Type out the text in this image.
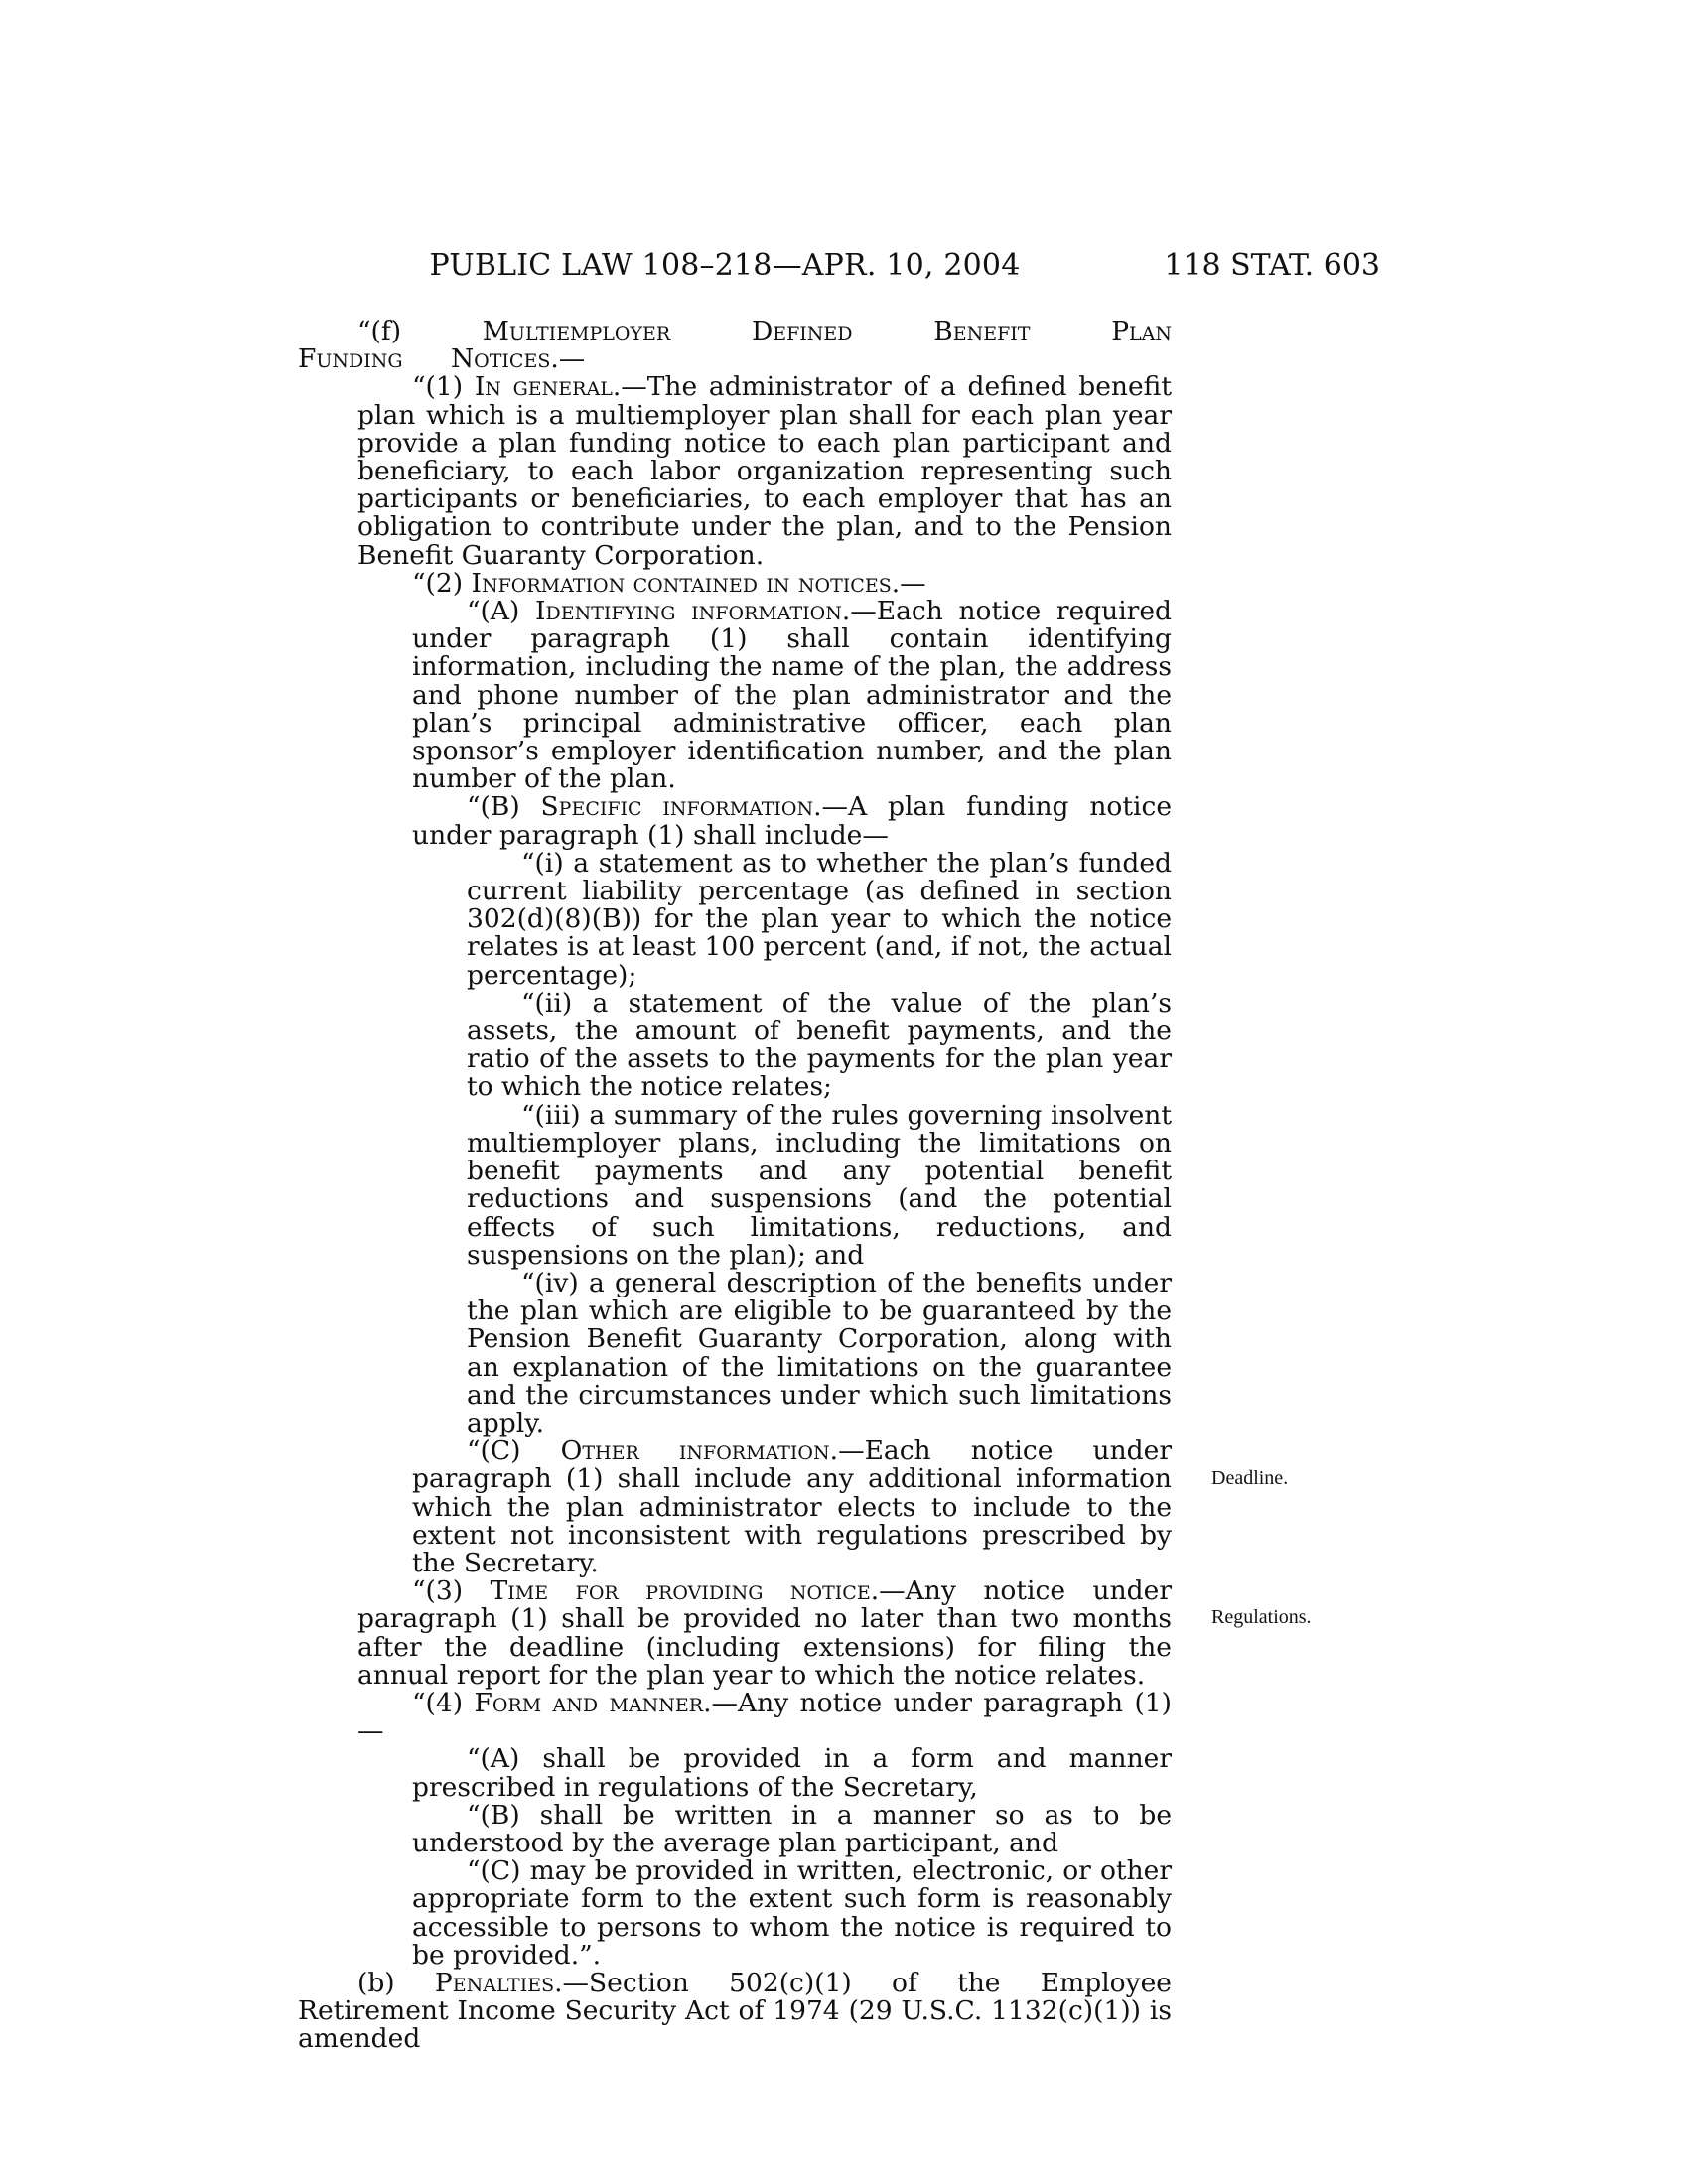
PUBLIC LAW 108–218—APR. 10, 2004	118 STAT. 603

“(f) Multiemployer Defined Benefit Plan Funding Notices.—

“(1) In general.—The administrator of a defined benefit plan which is a multiemployer plan shall for each plan year provide a plan funding notice to each plan participant and beneficiary, to each labor organization representing such participants or beneficiaries, to each employer that has an obligation to contribute under the plan, and to the Pension Benefit Guaranty Corporation.

“(2) Information contained in notices.—

“(A) Identifying information.—Each notice required under paragraph (1) shall contain identifying information, including the name of the plan, the address and phone number of the plan administrator and the plan’s principal administrative officer, each plan sponsor’s employer identification number, and the plan number of the plan.

“(B) Specific information.—A plan funding notice under paragraph (1) shall include—

“(i) a statement as to whether the plan’s funded current liability percentage (as defined in section 302(d)(8)(B)) for the plan year to which the notice relates is at least 100 percent (and, if not, the actual percentage);

“(ii) a statement of the value of the plan’s assets, the amount of benefit payments, and the ratio of the assets to the payments for the plan year to which the notice relates;

“(iii) a summary of the rules governing insolvent multiemployer plans, including the limitations on benefit payments and any potential benefit reductions and suspensions (and the potential effects of such limitations, reductions, and suspensions on the plan); and

“(iv) a general description of the benefits under the plan which are eligible to be guaranteed by the Pension Benefit Guaranty Corporation, along with an explanation of the limitations on the guarantee and the circumstances under which such limitations apply.

“(C) Other information.—Each notice under paragraph (1) shall include any additional information which the plan administrator elects to include to the extent not inconsistent with regulations prescribed by the Secretary.

“(3) Time for providing notice.—Any notice under paragraph (1) shall be provided no later than two months after the deadline (including extensions) for filing the annual report for the plan year to which the notice relates.

“(4) Form and manner.—Any notice under paragraph (1)—

“(A) shall be provided in a form and manner prescribed in regulations of the Secretary,

“(B) shall be written in a manner so as to be understood by the average plan participant, and

“(C) may be provided in written, electronic, or other appropriate form to the extent such form is reasonably accessible to persons to whom the notice is required to be provided.”.

(b) Penalties.—Section 502(c)(1) of the Employee Retirement Income Security Act of 1974 (29 U.S.C. 1132(c)(1)) is amended

Deadline.
Regulations.
